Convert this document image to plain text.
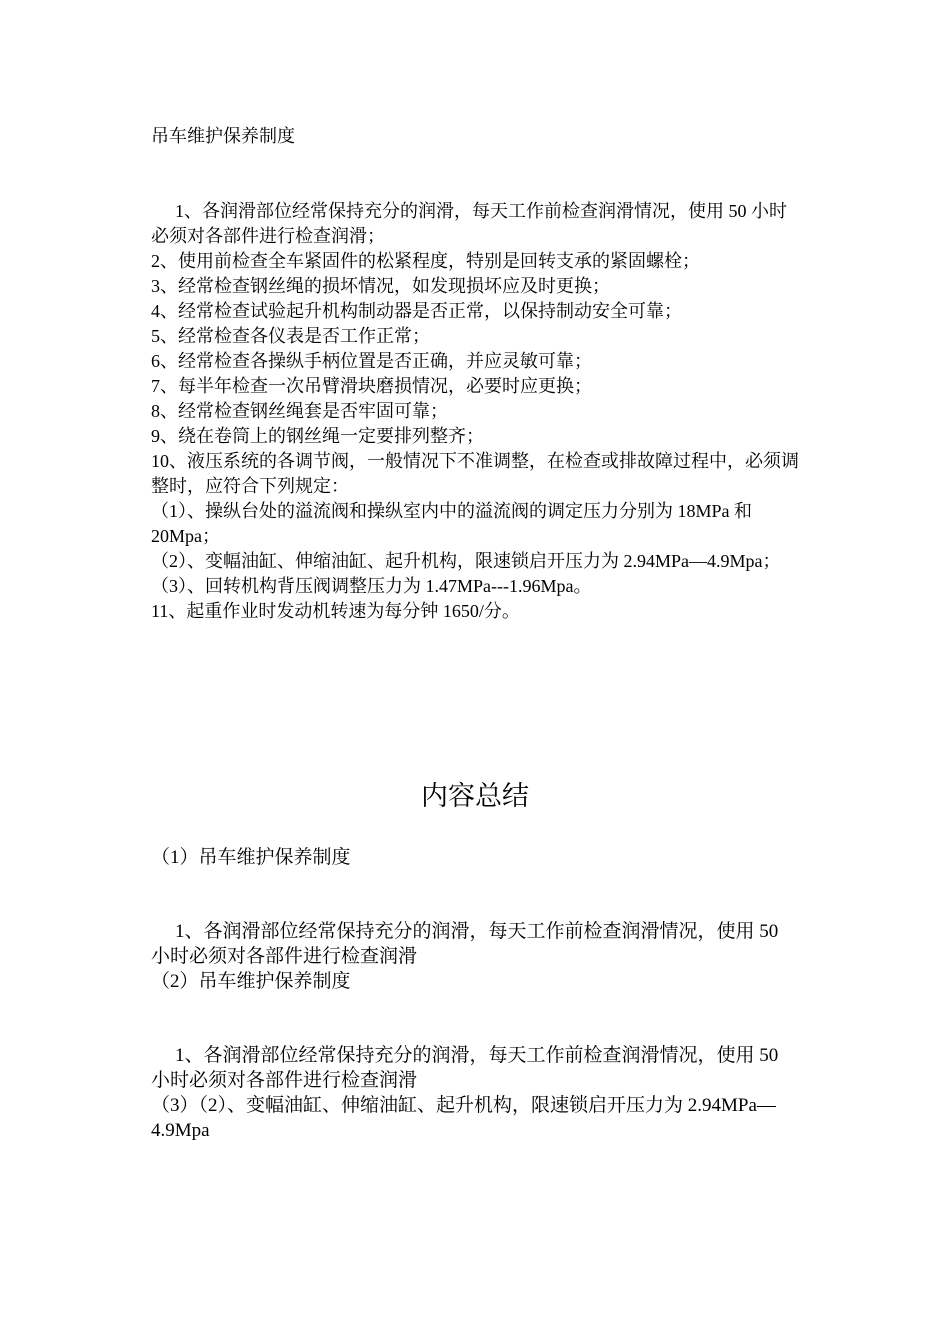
吊车维护保养制度

1、各润滑部位经常保持充分的润滑，每天工作前检查润滑情况，使用 50 小时必须对各部件进行检查润滑；

2、使用前检查全车紧固件的松紧程度，特别是回转支承的紧固螺栓；

3、经常检查钢丝绳的损坏情况，如发现损坏应及时更换；

4、经常检查试验起升机构制动器是否正常，以保持制动安全可靠；

5、经常检查各仪表是否工作正常；

6、经常检查各操纵手柄位置是否正确，并应灵敏可靠；

7、每半年检查一次吊臂滑块磨损情况，必要时应更换；

8、经常检查钢丝绳套是否牢固可靠；

9、绕在卷筒上的钢丝绳一定要排列整齐；

10、液压系统的各调节阀，一般情况下不准调整，在检查或排故障过程中，必须调整时，应符合下列规定：

（1）、操纵台处的溢流阀和操纵室内中的溢流阀的调定压力分别为 18MPa 和 20Mpa；

（2）、变幅油缸、伸缩油缸、起升机构，限速锁启开压力为 2.94MPa—4.9Mpa；

（3）、回转机构背压阀调整压力为 1.47MPa---1.96Mpa。

11、起重作业时发动机转速为每分钟 1650/分。

内容总结

（1）吊车维护保养制度

1、各润滑部位经常保持充分的润滑，每天工作前检查润滑情况，使用 50 小时必须对各部件进行检查润滑

（2）吊车维护保养制度

1、各润滑部位经常保持充分的润滑，每天工作前检查润滑情况，使用 50 小时必须对各部件进行检查润滑

（3）（2）、变幅油缸、伸缩油缸、起升机构，限速锁启开压力为 2.94MPa—4.9Mpa
